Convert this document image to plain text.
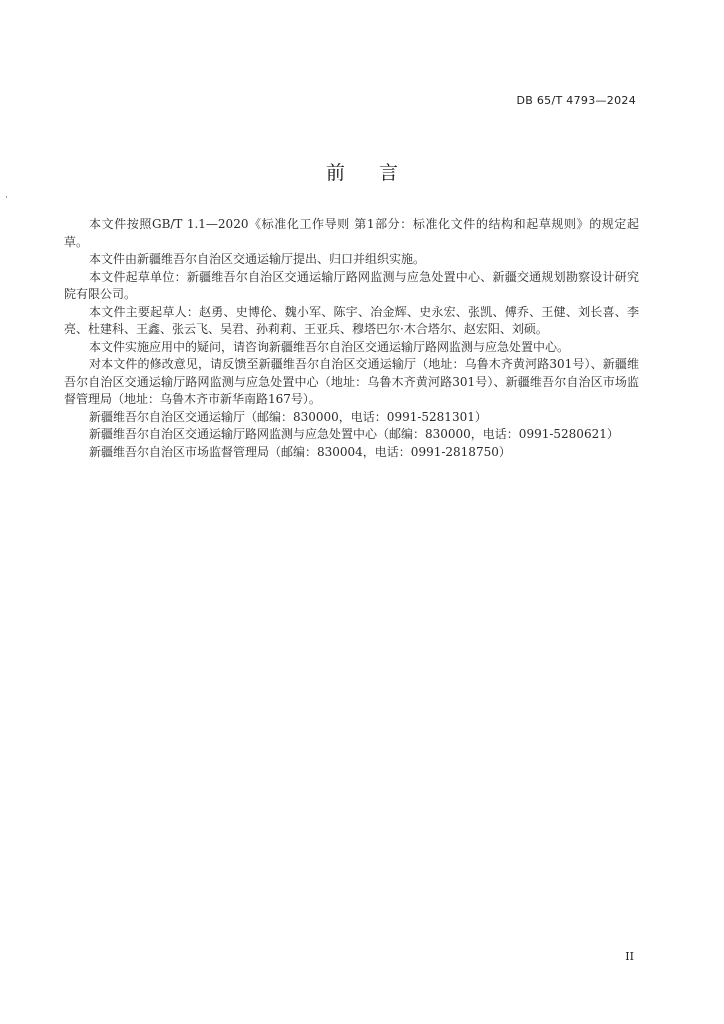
DB 65/T 4793—2024
前言

本文件按照GB/T 1.1—2020《标准化工作导则 第1部分：标准化文件的结构和起草规则》的规定起草。

本文件由新疆维吾尔自治区交通运输厅提出、归口并组织实施。

本文件起草单位：新疆维吾尔自治区交通运输厅路网监测与应急处置中心、新疆交通规划勘察设计研究院有限公司。

本文件主要起草人：赵勇、史博伦、魏小军、陈宇、冶金辉、史永宏、张凯、傅乔、王健、刘长喜、李亮、杜建科、王鑫、张云飞、吴君、孙莉莉、王亚兵、穆塔巴尔·木合塔尔、赵宏阳、刘硕。

本文件实施应用中的疑问，请咨询新疆维吾尔自治区交通运输厅路网监测与应急处置中心。

对本文件的修改意见，请反馈至新疆维吾尔自治区交通运输厅（地址：乌鲁木齐黄河路301号）、新疆维吾尔自治区交通运输厅路网监测与应急处置中心（地址：乌鲁木齐黄河路301号）、新疆维吾尔自治区市场监督管理局（地址：乌鲁木齐市新华南路167号）。

新疆维吾尔自治区交通运输厅（邮编：830000，电话：0991-5281301）

新疆维吾尔自治区交通运输厅路网监测与应急处置中心（邮编：830000，电话：0991-5280621）

新疆维吾尔自治区市场监督管理局（邮编：830004，电话：0991-2818750）

II
